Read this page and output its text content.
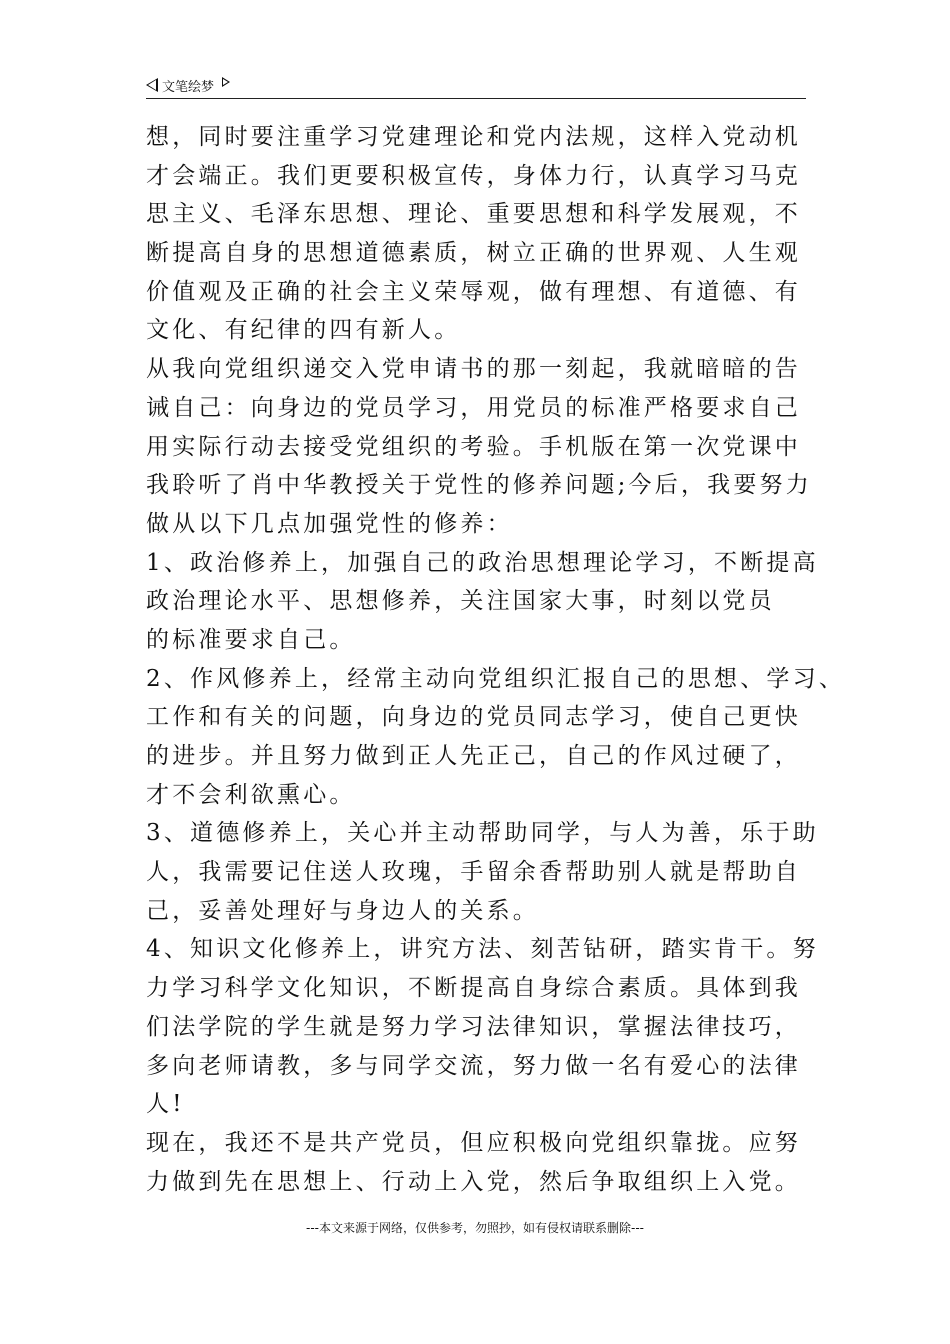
文笔绘梦
想，同时要注重学习党建理论和党内法规，这样入党动机
才会端正。我们更要积极宣传，身体力行，认真学习马克
思主义、毛泽东思想、理论、重要思想和科学发展观，不
断提高自身的思想道德素质，树立正确的世界观、人生观
价值观及正确的社会主义荣辱观，做有理想、有道德、有
文化、有纪律的四有新人。
从我向党组织递交入党申请书的那一刻起，我就暗暗的告
诫自己：向身边的党员学习，用党员的标准严格要求自己
用实际行动去接受党组织的考验。手机版在第一次党课中
我聆听了肖中华教授关于党性的修养问题;今后，我要努力
做从以下几点加强党性的修养：
1、政治修养上，加强自己的政治思想理论学习，不断提高
政治理论水平、思想修养，关注国家大事，时刻以党员
的标准要求自己。
2、作风修养上，经常主动向党组织汇报自己的思想、学习、
工作和有关的问题，向身边的党员同志学习，使自己更快
的进步。并且努力做到正人先正己，自己的作风过硬了，
才不会利欲熏心。
3、道德修养上，关心并主动帮助同学，与人为善，乐于助
人，我需要记住送人玫瑰，手留余香帮助别人就是帮助自
己，妥善处理好与身边人的关系。
4、知识文化修养上，讲究方法、刻苦钻研，踏实肯干。努
力学习科学文化知识，不断提高自身综合素质。具体到我
们法学院的学生就是努力学习法律知识，掌握法律技巧，
多向老师请教，多与同学交流，努力做一名有爱心的法律
人!
现在，我还不是共产党员，但应积极向党组织靠拢。应努
力做到先在思想上、行动上入党，然后争取组织上入党。
---本文来源于网络，仅供参考，勿照抄，如有侵权请联系删除---
